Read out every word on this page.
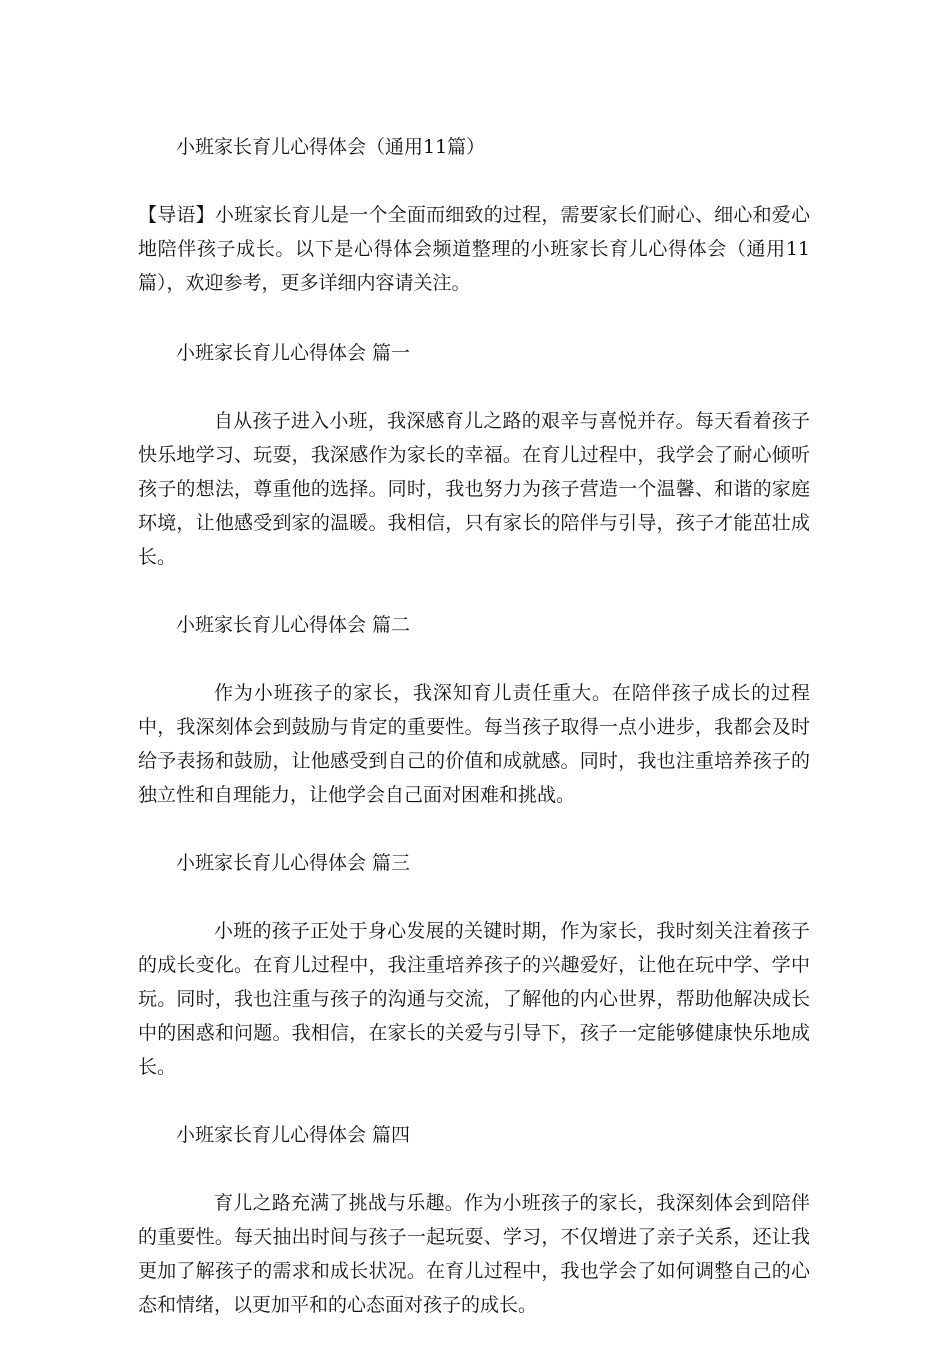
小班家长育儿心得体会（通用11篇）

【导语】小班家长育儿是一个全面而细致的过程，需要家长们耐心、细心和爱心地陪伴孩子成长。以下是心得体会频道整理的小班家长育儿心得体会（通用11篇），欢迎参考，更多详细内容请关注。

小班家长育儿心得体会 篇一

自从孩子进入小班，我深感育儿之路的艰辛与喜悦并存。每天看着孩子快乐地学习、玩耍，我深感作为家长的幸福。在育儿过程中，我学会了耐心倾听孩子的想法，尊重他的选择。同时，我也努力为孩子营造一个温馨、和谐的家庭环境，让他感受到家的温暖。我相信，只有家长的陪伴与引导，孩子才能茁壮成长。

小班家长育儿心得体会 篇二

作为小班孩子的家长，我深知育儿责任重大。在陪伴孩子成长的过程中，我深刻体会到鼓励与肯定的重要性。每当孩子取得一点小进步，我都会及时给予表扬和鼓励，让他感受到自己的价值和成就感。同时，我也注重培养孩子的独立性和自理能力，让他学会自己面对困难和挑战。

小班家长育儿心得体会 篇三

小班的孩子正处于身心发展的关键时期，作为家长，我时刻关注着孩子的成长变化。在育儿过程中，我注重培养孩子的兴趣爱好，让他在玩中学、学中玩。同时，我也注重与孩子的沟通与交流，了解他的内心世界，帮助他解决成长中的困惑和问题。我相信，在家长的关爱与引导下，孩子一定能够健康快乐地成长。

小班家长育儿心得体会 篇四

育儿之路充满了挑战与乐趣。作为小班孩子的家长，我深刻体会到陪伴的重要性。每天抽出时间与孩子一起玩耍、学习，不仅增进了亲子关系，还让我更加了解孩子的需求和成长状况。在育儿过程中，我也学会了如何调整自己的心态和情绪，以更加平和的心态面对孩子的成长。
